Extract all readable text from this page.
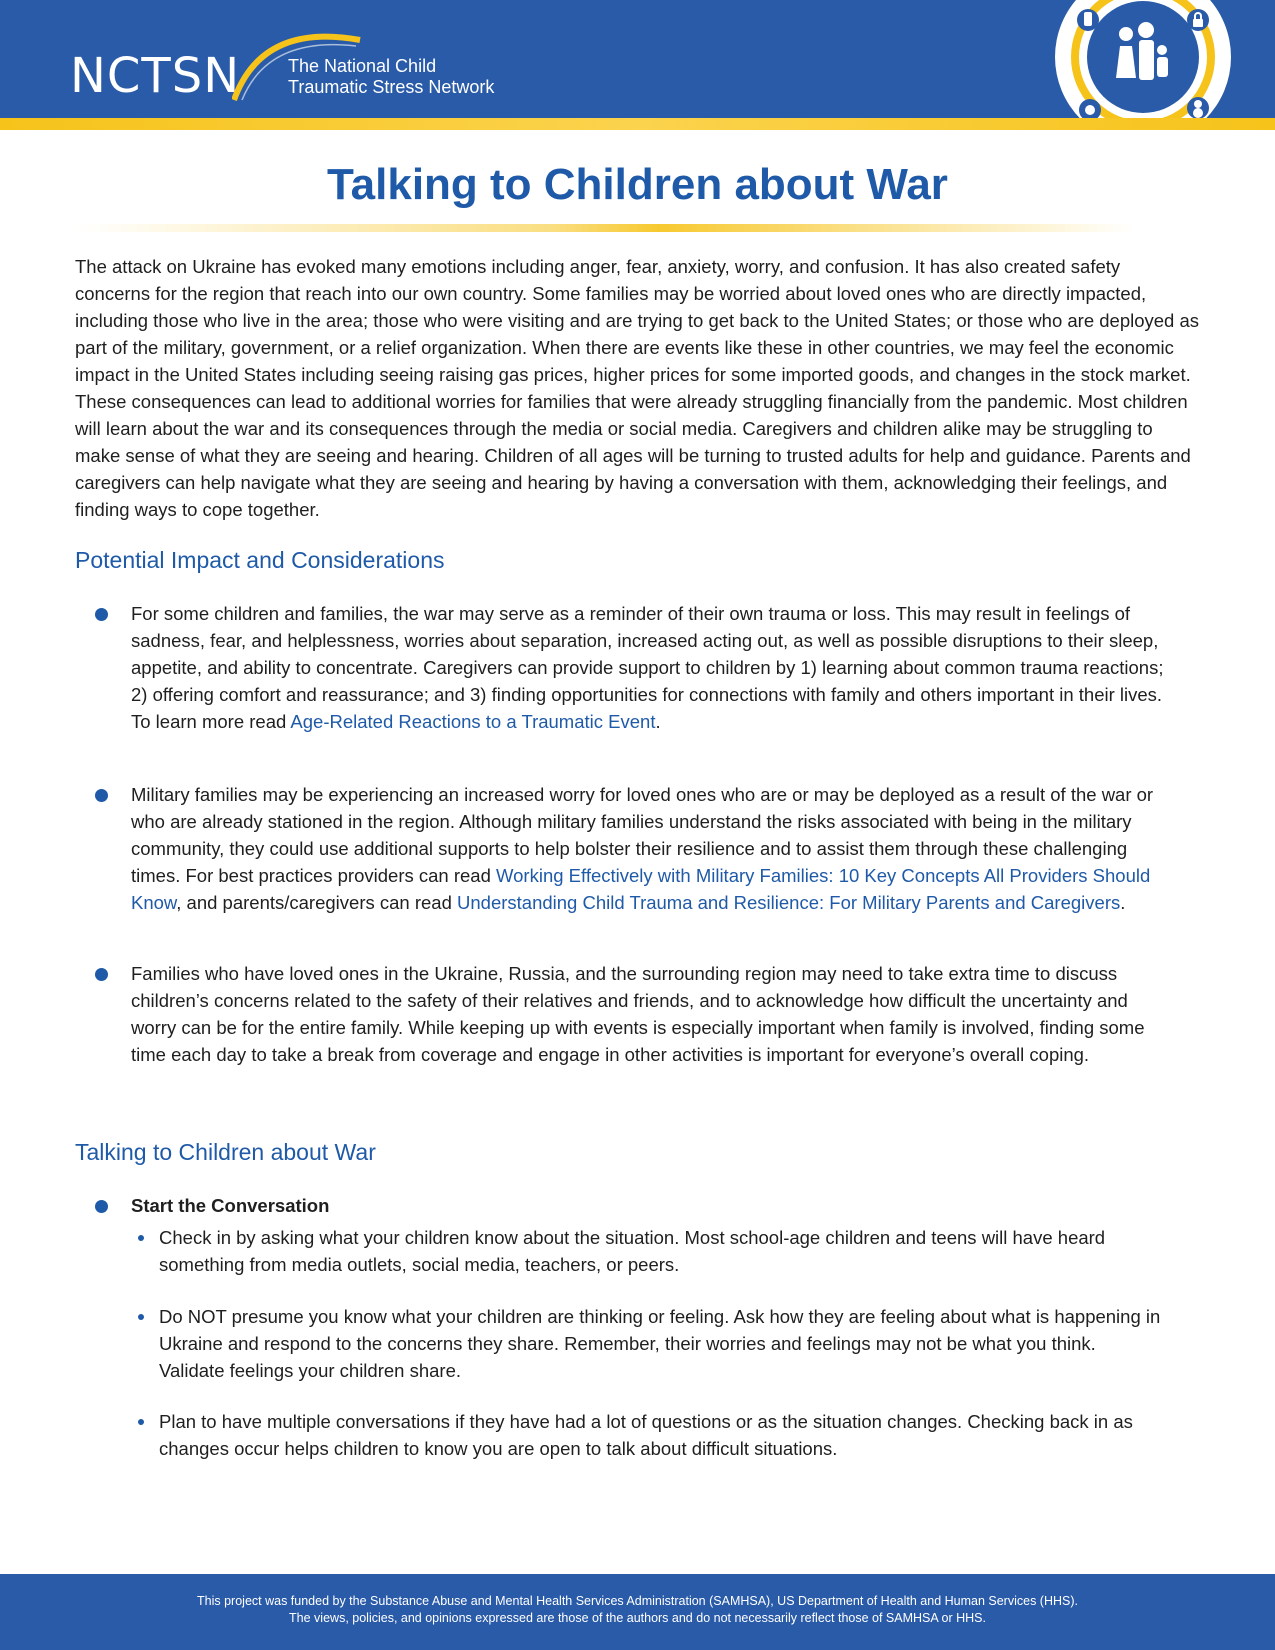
NCTSN	The National Child
Traumatic Stress Network
Talking to Children about War

The attack on Ukraine has evoked many emotions including anger, fear, anxiety, worry, and confusion. It has also created safety concerns for the region that reach into our own country. Some families may be worried about loved ones who are directly impacted, including those who live in the area; those who were visiting and are trying to get back to the United States; or those who are deployed as part of the military, government, or a relief organization. When there are events like these in other countries, we may feel the economic impact in the United States including seeing raising gas prices, higher prices for some imported goods, and changes in the stock market. These consequences can lead to additional worries for families that were already struggling financially from the pandemic. Most children will learn about the war and its consequences through the media or social media. Caregivers and children alike may be struggling to make sense of what they are seeing and hearing. Children of all ages will be turning to trusted adults for help and guidance. Parents and caregivers can help navigate what they are seeing and hearing by having a conversation with them, acknowledging their feelings, and finding ways to cope together.

Potential Impact and Considerations

For some children and families, the war may serve as a reminder of their own trauma or loss. This may result in feelings of sadness, fear, and helplessness, worries about separation, increased acting out, as well as possible disruptions to their sleep, appetite, and ability to concentrate. Caregivers can provide support to children by 1) learning about common trauma reactions; 2) offering comfort and reassurance; and 3) finding opportunities for connections with family and others important in their lives. To learn more read Age-Related Reactions to a Traumatic Event.

Military families may be experiencing an increased worry for loved ones who are or may be deployed as a result of the war or who are already stationed in the region. Although military families understand the risks associated with being in the military community, they could use additional supports to help bolster their resilience and to assist them through these challenging times. For best practices providers can read Working Effectively with Military Families: 10 Key Concepts All Providers Should Know, and parents/caregivers can read Understanding Child Trauma and Resilience: For Military Parents and Caregivers.

Families who have loved ones in the Ukraine, Russia, and the surrounding region may need to take extra time to discuss children’s concerns related to the safety of their relatives and friends, and to acknowledge how difficult the uncertainty and worry can be for the entire family. While keeping up with events is especially important when family is involved, finding some time each day to take a break from coverage and engage in other activities is important for everyone’s overall coping.

Talking to Children about War

Start the Conversation

Check in by asking what your children know about the situation. Most school-age children and teens will have heard something from media outlets, social media, teachers, or peers.

Do NOT presume you know what your children are thinking or feeling. Ask how they are feeling about what is happening in Ukraine and respond to the concerns they share. Remember, their worries and feelings may not be what you think. Validate feelings your children share.

Plan to have multiple conversations if they have had a lot of questions or as the situation changes. Checking back in as changes occur helps children to know you are open to talk about difficult situations.

This project was funded by the Substance Abuse and Mental Health Services Administration (SAMHSA), US Department of Health and Human Services (HHS).

The views, policies, and opinions expressed are those of the authors and do not necessarily reflect those of SAMHSA or HHS.
